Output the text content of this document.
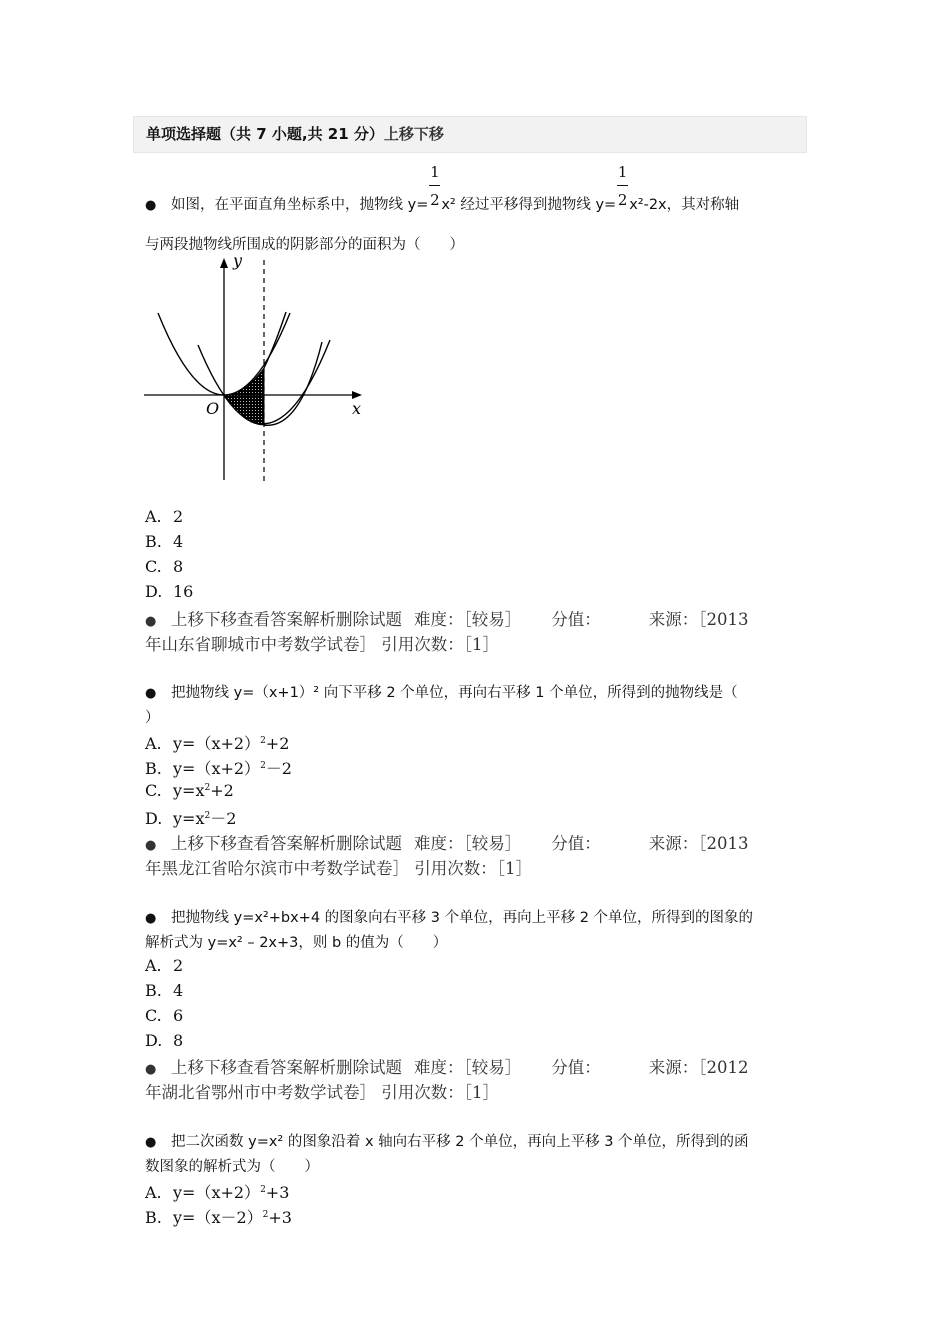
单项选择题（共 7 小题,共 21 分）上移下移
● 如图，在平面直角坐标系中，抛物线 $y= \frac{1}{2} x^2$ 经过平移得到抛物线 $y= \frac{1}{2} x^2-2x$，其对称轴
与两段抛物线所围成的阴影部分的面积为（　　）
y
x
O
A. 2
B. 4
C. 8
D. 16
● 上移下移查看答案解析删除试题 难度：［较易］ 分值：	来源：［2013
年山东省聊城市中考数学试卷］ 引用次数：［1］
● 把抛物线 y=（x+1）² 向下平移 2 个单位，再向右平移 1 个单位，所得到的抛物线是（
）
A. $y=(x+2)^2+2$
B. $y=(x+2)^2-2$
C. $y=x^2+2$
D. $y=x^2-2$
● 上移下移查看答案解析删除试题 难度：［较易］ 分值：	来源：［2013
年黑龙江省哈尔滨市中考数学试卷］ 引用次数：［1］
● 把抛物线 y=x²+bx+4 的图象向右平移 3 个单位，再向上平移 2 个单位，所得到的图象的
解析式为 y=x² – 2x+3，则 b 的值为（　　）
A. 2
B. 4
C. 6
D. 8
● 上移下移查看答案解析删除试题 难度：［较易］ 分值：	来源：［2012
年湖北省鄂州市中考数学试卷］ 引用次数：［1］
● 把二次函数 y=x² 的图象沿着 x 轴向右平移 2 个单位，再向上平移 3 个单位，所得到的函
数图象的解析式为（　　）
A. $y=(x+2)^2+3$
B. $y=(x-2)^2+3$
